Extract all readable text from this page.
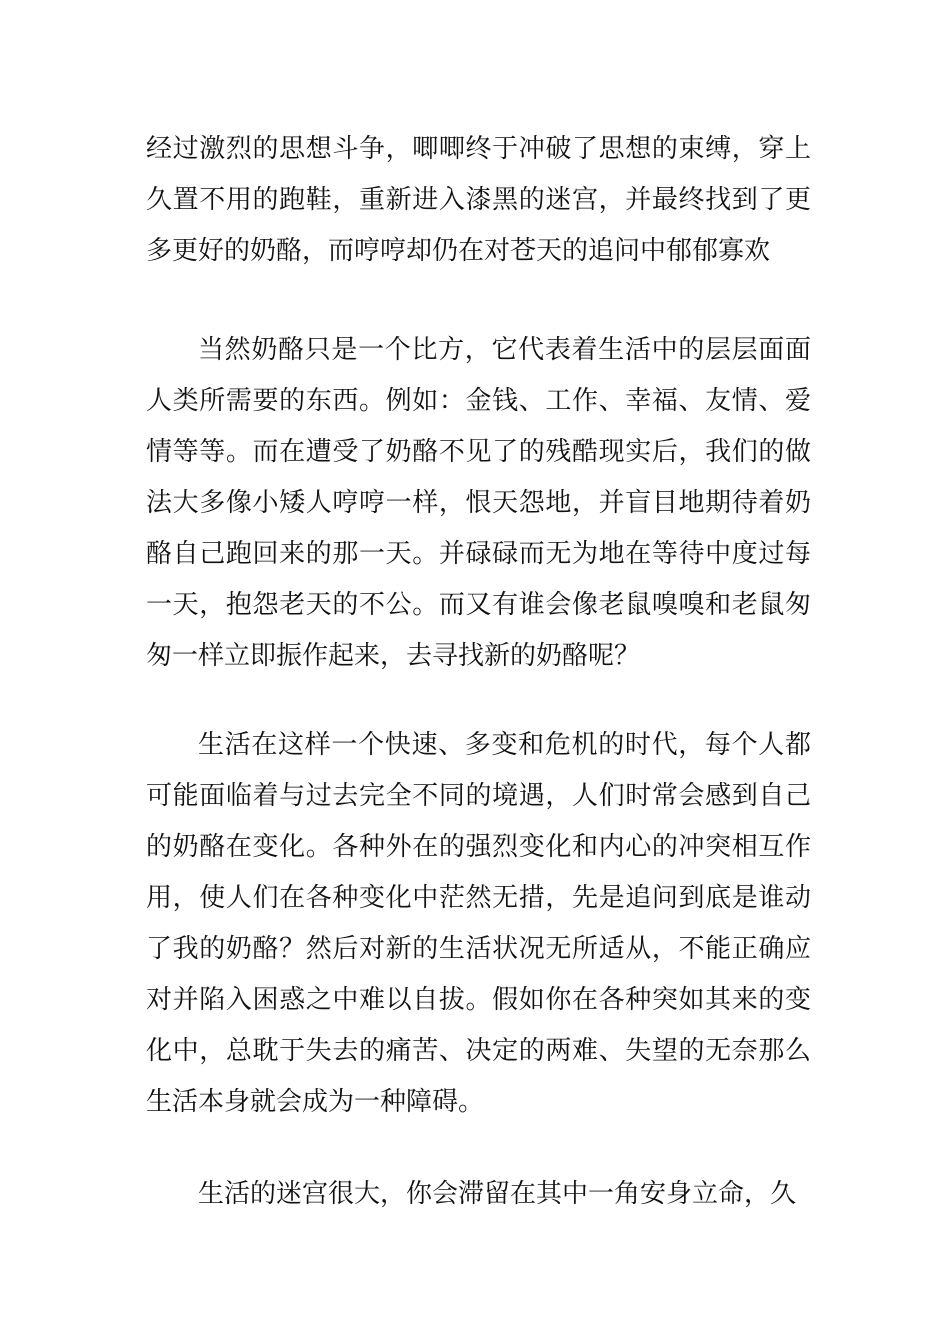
经过激烈的思想斗争，唧唧终于冲破了思想的束缚，穿上久置不用的跑鞋，重新进入漆黑的迷宫，并最终找到了更多更好的奶酪，而哼哼却仍在对苍天的追问中郁郁寡欢

当然奶酪只是一个比方，它代表着生活中的层层面面人类所需要的东西。例如：金钱、工作、幸福、友情、爱情等等。而在遭受了奶酪不见了的残酷现实后，我们的做法大多像小矮人哼哼一样，恨天怨地，并盲目地期待着奶酪自己跑回来的那一天。并碌碌而无为地在等待中度过每一天，抱怨老天的不公。而又有谁会像老鼠嗅嗅和老鼠匆匆一样立即振作起来，去寻找新的奶酪呢？

生活在这样一个快速、多变和危机的时代，每个人都可能面临着与过去完全不同的境遇，人们时常会感到自己的奶酪在变化。各种外在的强烈变化和内心的冲突相互作用，使人们在各种变化中茫然无措，先是追问到底是谁动了我的奶酪？然后对新的生活状况无所适从，不能正确应对并陷入困惑之中难以自拔。假如你在各种突如其来的变化中，总耽于失去的痛苦、决定的两难、失望的无奈那么生活本身就会成为一种障碍。

生活的迷宫很大，你会滞留在其中一角安身立命，久
